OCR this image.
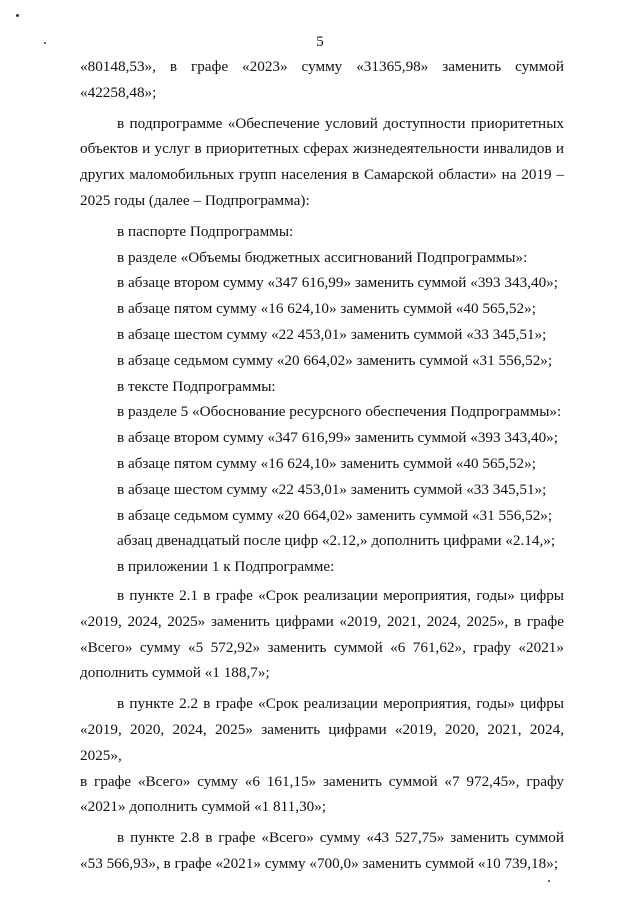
5
«80148,53», в графе «2023» сумму «31365,98» заменить суммой
«42258,48»;
в подпрограмме «Обеспечение условий доступности приоритетных
объектов и услуг в приоритетных сферах жизнедеятельности инвалидов и
других маломобильных групп населения в Самарской области» на 2019 –
2025 годы (далее – Подпрограмма):
в паспорте Подпрограммы:
в разделе «Объемы бюджетных ассигнований Подпрограммы»:
в абзаце втором сумму «347 616,99» заменить суммой «393 343,40»;
в абзаце пятом сумму «16 624,10» заменить суммой «40 565,52»;
в абзаце шестом сумму «22 453,01» заменить суммой «33 345,51»;
в абзаце седьмом сумму «20 664,02» заменить суммой «31 556,52»;
в тексте Подпрограммы:
в разделе 5 «Обоснование ресурсного обеспечения Подпрограммы»:
в абзаце втором сумму «347 616,99» заменить суммой «393 343,40»;
в абзаце пятом сумму «16 624,10» заменить суммой «40 565,52»;
в абзаце шестом сумму «22 453,01» заменить суммой «33 345,51»;
в абзаце седьмом сумму «20 664,02» заменить суммой «31 556,52»;
абзац двенадцатый после цифр «2.12,» дополнить цифрами «2.14,»;
в приложении 1 к Подпрограмме:
в пункте 2.1 в графе «Срок реализации мероприятия, годы» цифры
«2019, 2024, 2025» заменить цифрами «2019, 2021, 2024, 2025», в графе
«Всего» сумму «5 572,92» заменить суммой «6 761,62», графу «2021»
дополнить суммой «1 188,7»;
в пункте 2.2 в графе «Срок реализации мероприятия, годы» цифры
«2019, 2020, 2024, 2025» заменить цифрами «2019, 2020, 2021, 2024, 2025»,
в графе «Всего» сумму «6 161,15» заменить суммой «7 972,45», графу
«2021» дополнить суммой «1 811,30»;
в пункте 2.8 в графе «Всего» сумму «43 527,75» заменить суммой
«53 566,93», в графе «2021» сумму «700,0» заменить суммой «10 739,18»;
